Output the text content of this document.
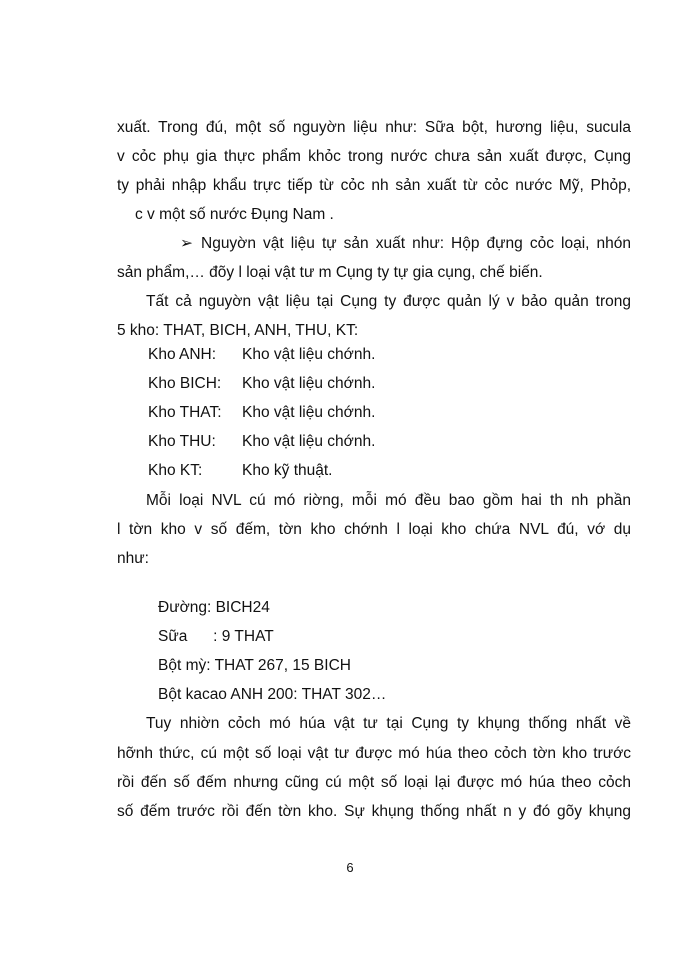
xuất. Trong đú, một số nguyờn liệu như: Sữa bột, hương liệu, sucula
v cỏc phụ gia thực phẩm khỏc trong nước chưa sản xuất được, Cụng
ty phải nhập khẩu trực tiếp từ cỏc nh sản xuất từ cỏc nước Mỹ, Phỏp,
c v một số nước Đụng Nam .
➢ Nguyờn vật liệu tự sản xuất như: Hộp đựng cỏc loại, nhón
sản phẩm,… đõy l loại vật tư m Cụng ty tự gia cụng, chế biến.
Tất cả nguyờn vật liệu tại Cụng ty được quản lý v bảo quản trong
5 kho: THAT, BICH, ANH, THU, KT:
Kho ANH: Kho vật liệu chớnh.
Kho BICH: Kho vật liệu chớnh.
Kho THAT: Kho vật liệu chớnh.
Kho THU: Kho vật liệu chớnh.
Kho KT:	Kho kỹ thuật.
Mỗi loại NVL cú mó riờng, mỗi mó đều bao gồm hai th nh phần
l tờn kho v số đếm, tờn kho chớnh l loại kho chứa NVL đú, vớ dụ
như:
Đường: BICH24
Sữa      : 9 THAT
Bột mỳ: THAT 267, 15 BICH
Bột kacao ANH 200: THAT 302…
Tuy nhiờn cỏch mó húa vật tư tại Cụng ty khụng thống nhất về
hỡnh thức, cú một số loại vật tư được mó húa theo cỏch tờn kho trước
rồi đến số đếm nhưng cũng cú một số loại lại được mó húa theo cỏch
số đếm trước rồi đến tờn kho. Sự khụng thống nhất n y đó gõy khụng
6
